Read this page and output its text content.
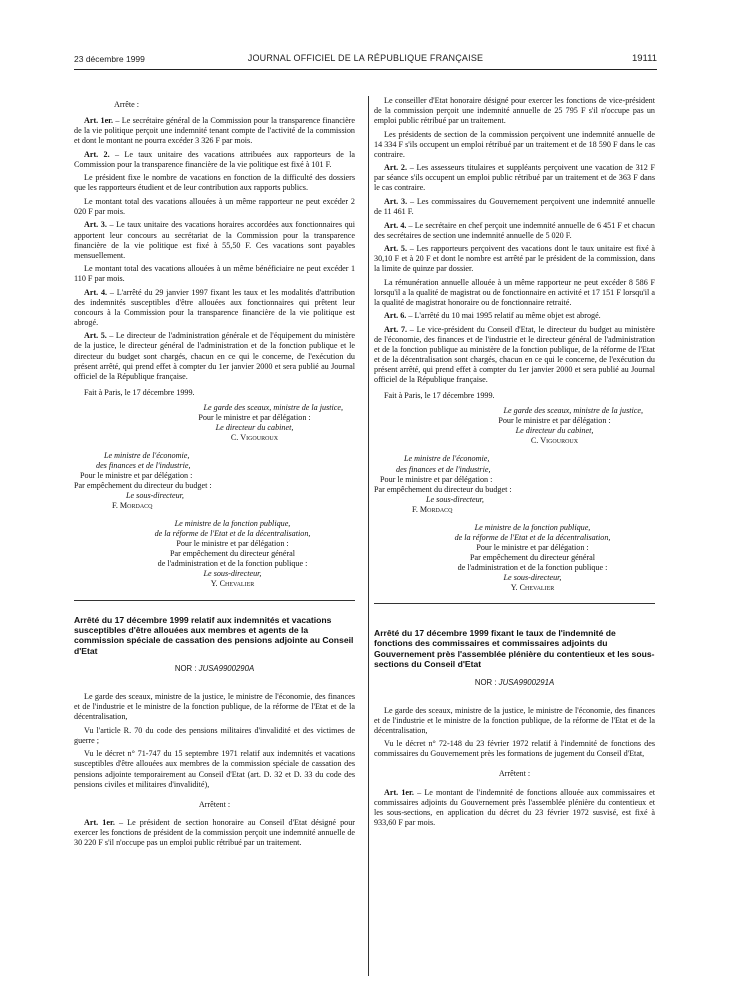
23 décembre 1999	JOURNAL OFFICIEL DE LA RÉPUBLIQUE FRANÇAISE	19111

Arrête :

Art. 1er. – Le secrétaire général de la Commission pour la transparence financière de la vie politique perçoit une indemnité tenant compte de l'activité de la commission et dont le montant ne pourra excéder 3 326 F par mois.

Art. 2. – Le taux unitaire des vacations attribuées aux rapporteurs de la Commission pour la transparence financière de la vie politique est fixé à 101 F.

Le président fixe le nombre de vacations en fonction de la difficulté des dossiers que les rapporteurs étudient et de leur contribution aux rapports publics.

Le montant total des vacations allouées à un même rapporteur ne peut excéder 2 020 F par mois.

Art. 3. – Le taux unitaire des vacations horaires accordées aux fonctionnaires qui apportent leur concours au secrétariat de la Commission pour la transparence financière de la vie politique est fixé à 55,50 F. Ces vacations sont payables mensuellement.

Le montant total des vacations allouées à un même bénéficiaire ne peut excéder 1 110 F par mois.

Art. 4. – L'arrêté du 29 janvier 1997 fixant les taux et les modalités d'attribution des indemnités susceptibles d'être allouées aux fonctionnaires qui prêtent leur concours à la Commission pour la transparence financière de la vie politique est abrogé.

Art. 5. – Le directeur de l'administration générale et de l'équipement du ministère de la justice, le directeur général de l'administration et de la fonction publique et le directeur du budget sont chargés, chacun en ce qui le concerne, de l'exécution du présent arrêté, qui prend effet à compter du 1er janvier 2000 et sera publié au Journal officiel de la République française.

Fait à Paris, le 17 décembre 1999.

Le garde des sceaux, ministre de la justice,

Pour le ministre et par délégation :

Le directeur du cabinet,

C. Vigouroux

Le ministre de l'économie,

des finances et de l'industrie,

Pour le ministre et par délégation :

Par empêchement du directeur du budget :

Le sous-directeur,

F. Mordacq

Le ministre de la fonction publique,

de la réforme de l'Etat et de la décentralisation,

Pour le ministre et par délégation :

Par empêchement du directeur général

de l'administration et de la fonction publique :

Le sous-directeur,

Y. Chevalier

Arrêté du 17 décembre 1999 relatif aux indemnités et vacations susceptibles d'être allouées aux membres et agents de la commission spéciale de cassation des pensions adjointe au Conseil d'Etat

NOR : JUSA9900290A

Le garde des sceaux, ministre de la justice, le ministre de l'économie, des finances et de l'industrie et le ministre de la fonction publique, de la réforme de l'Etat et de la décentralisation,

Vu l'article R. 70 du code des pensions militaires d'invalidité et des victimes de guerre ;

Vu le décret n° 71-747 du 15 septembre 1971 relatif aux indemnités et vacations susceptibles d'être allouées aux membres de la commission spéciale de cassation des pensions adjointe temporairement au Conseil d'Etat (art. D. 32 et D. 33 du code des pensions civiles et militaires d'invalidité),

Arrêtent :

Art. 1er. – Le président de section honoraire au Conseil d'Etat désigné pour exercer les fonctions de président de la commission perçoit une indemnité annuelle de 30 220 F s'il n'occupe pas un emploi public rétribué par un traitement.

Le conseiller d'Etat honoraire désigné pour exercer les fonctions de vice-président de la commission perçoit une indemnité annuelle de 25 795 F s'il n'occupe pas un emploi public rétribué par un traitement.

Les présidents de section de la commission perçoivent une indemnité annuelle de 14 334 F s'ils occupent un emploi rétribué par un traitement et de 18 590 F dans le cas contraire.

Art. 2. – Les assesseurs titulaires et suppléants perçoivent une vacation de 312 F par séance s'ils occupent un emploi public rétribué par un traitement et de 363 F dans le cas contraire.

Art. 3. – Les commissaires du Gouvernement perçoivent une indemnité annuelle de 11 461 F.

Art. 4. – Le secrétaire en chef perçoit une indemnité annuelle de 6 451 F et chacun des secrétaires de section une indemnité annuelle de 5 020 F.

Art. 5. – Les rapporteurs perçoivent des vacations dont le taux unitaire est fixé à 30,10 F et à 20 F et dont le nombre est arrêté par le président de la commission, dans la limite de quinze par dossier.

La rémunération annuelle allouée à un même rapporteur ne peut excéder 8 586 F lorsqu'il a la qualité de magistrat ou de fonctionnaire en activité et 17 151 F lorsqu'il a la qualité de magistrat honoraire ou de fonctionnaire retraité.

Art. 6. – L'arrêté du 10 mai 1995 relatif au même objet est abrogé.

Art. 7. – Le vice-président du Conseil d'Etat, le directeur du budget au ministère de l'économie, des finances et de l'industrie et le directeur général de l'administration et de la fonction publique au ministère de la fonction publique, de la réforme de l'Etat et de la décentralisation sont chargés, chacun en ce qui le concerne, de l'exécution du présent arrêté, qui prend effet à compter du 1er janvier 2000 et sera publié au Journal officiel de la République française.

Fait à Paris, le 17 décembre 1999.

Le garde des sceaux, ministre de la justice,

Pour le ministre et par délégation :

Le directeur du cabinet,

C. Vigouroux

Le ministre de l'économie,

des finances et de l'industrie,

Pour le ministre et par délégation :

Par empêchement du directeur du budget :

Le sous-directeur,

F. Mordacq

Le ministre de la fonction publique,

de la réforme de l'Etat et de la décentralisation,

Pour le ministre et par délégation :

Par empêchement du directeur général

de l'administration et de la fonction publique :

Le sous-directeur,

Y. Chevalier

Arrêté du 17 décembre 1999 fixant le taux de l'indemnité de fonctions des commissaires et commissaires adjoints du Gouvernement près l'assemblée plénière du contentieux et les sous-sections du Conseil d'Etat

NOR : JUSA9900291A

Le garde des sceaux, ministre de la justice, le ministre de l'économie, des finances et de l'industrie et le ministre de la fonction publique, de la réforme de l'Etat et de la décentralisation,

Vu le décret n° 72-148 du 23 février 1972 relatif à l'indemnité de fonctions des commissaires du Gouvernement près les formations de jugement du Conseil d'Etat,

Arrêtent :

Art. 1er. – Le montant de l'indemnité de fonctions allouée aux commissaires et commissaires adjoints du Gouvernement près l'assemblée plénière du contentieux et les sous-sections, en application du décret du 23 février 1972 susvisé, est fixé à 933,60 F par mois.
